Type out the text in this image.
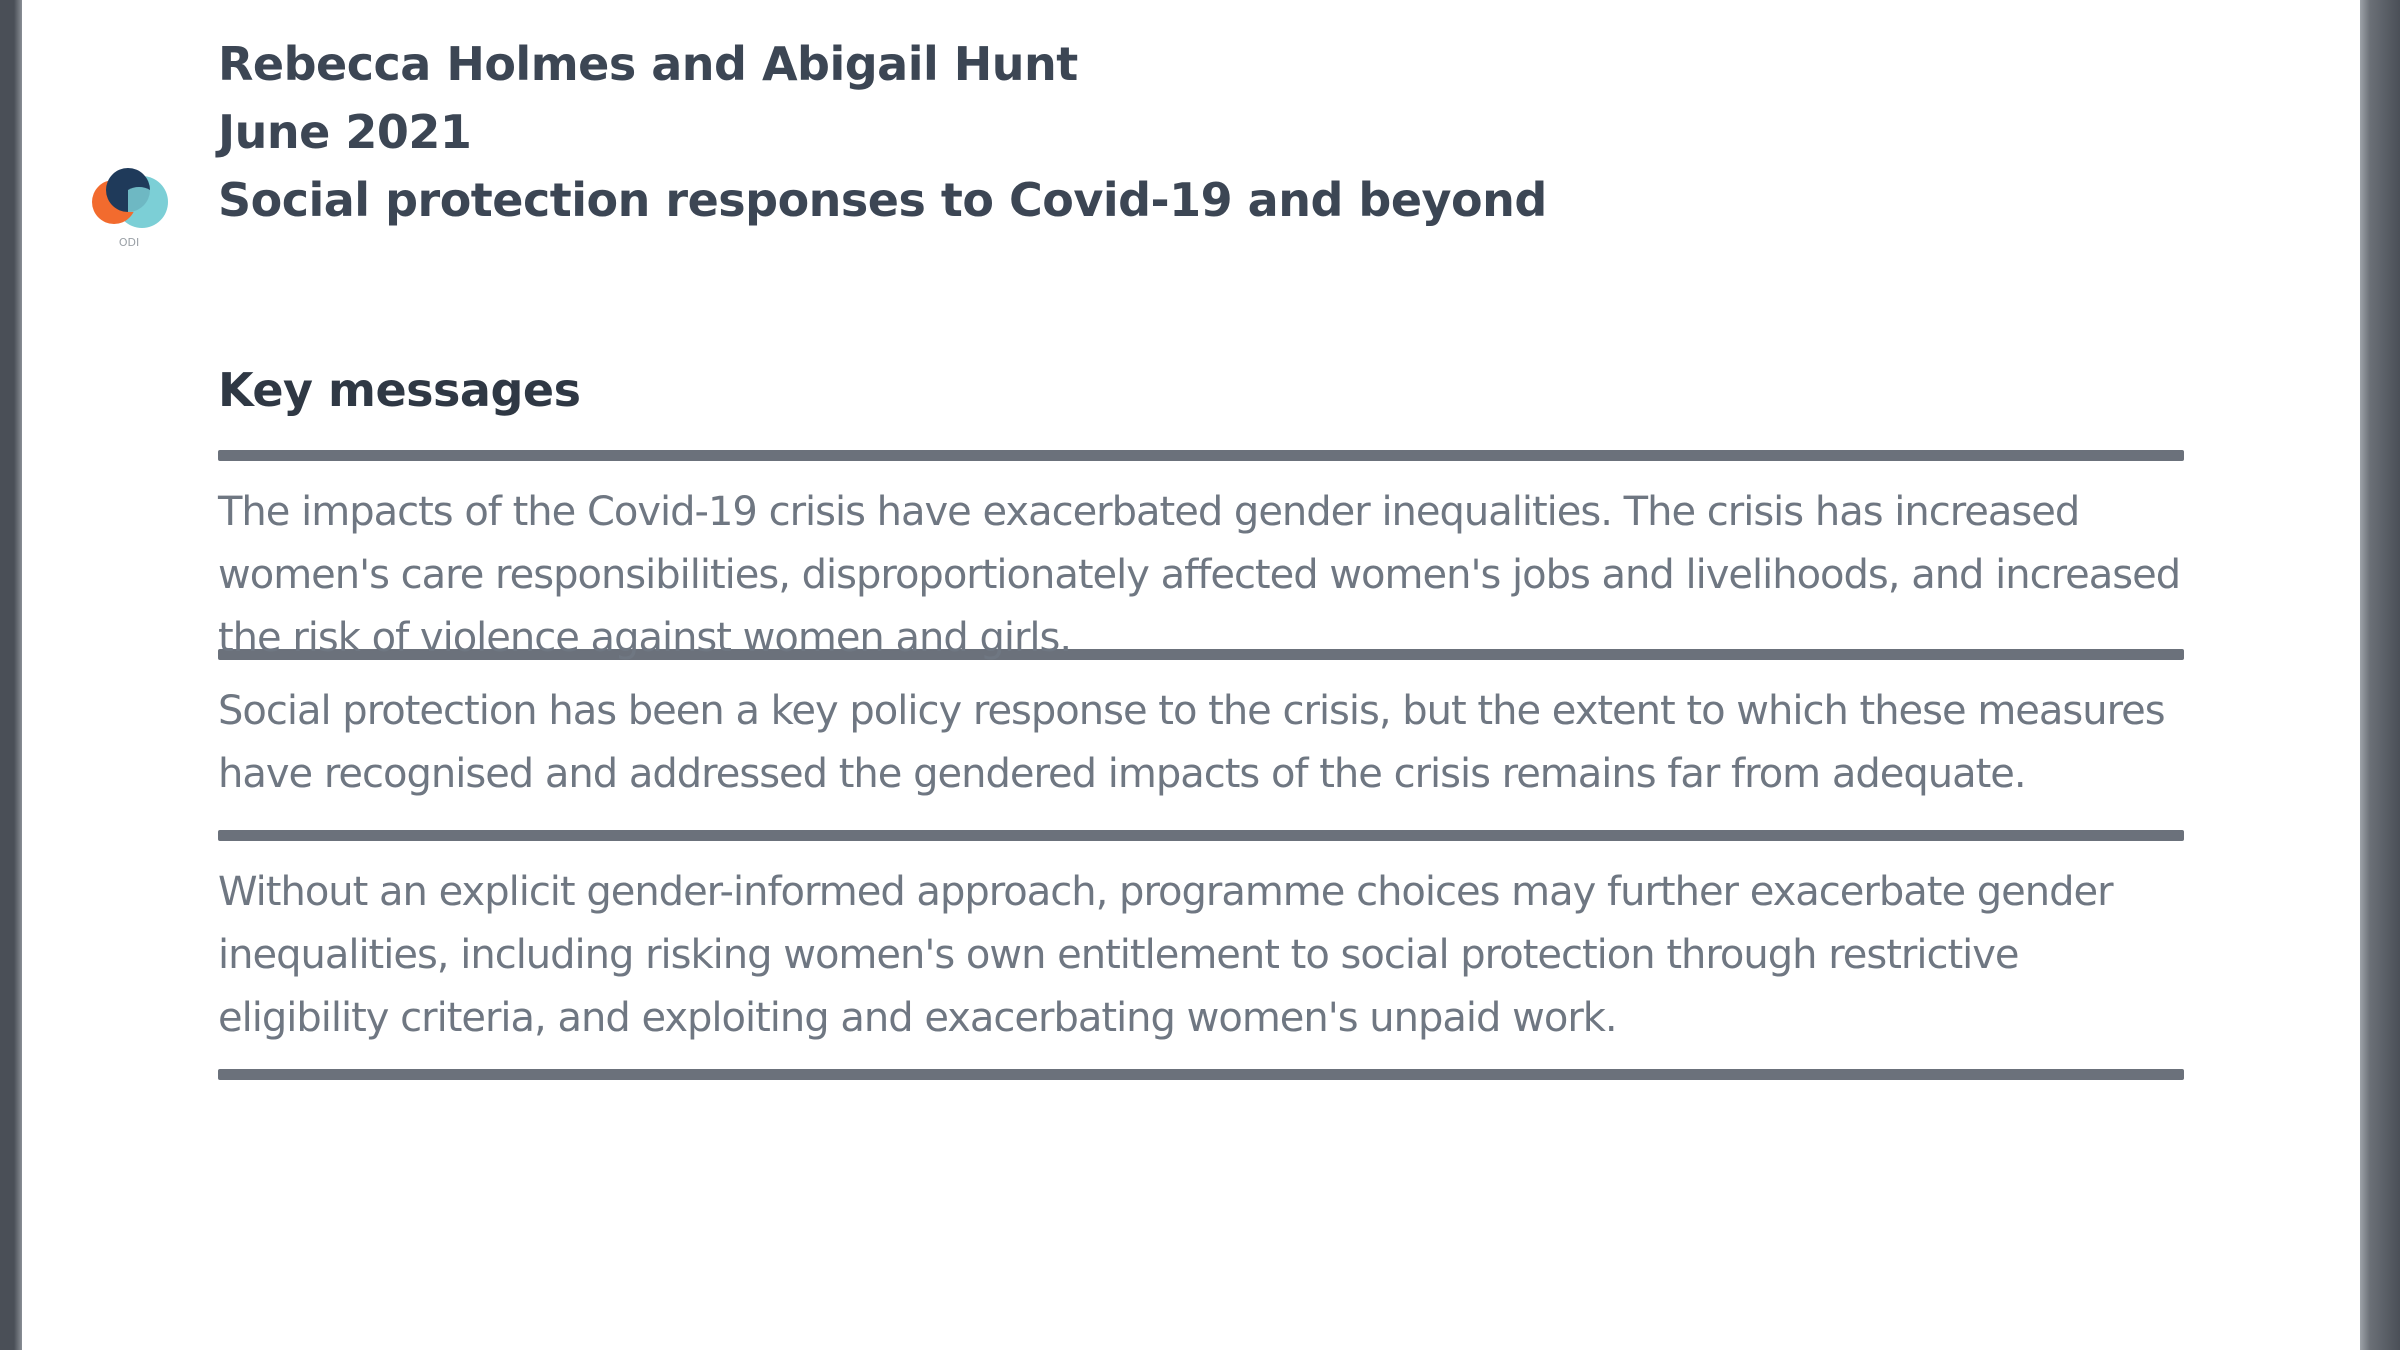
ODI
Rebecca Holmes and Abigail Hunt
June 2021
Social protection responses to Covid-19 and beyond
Key messages
The impacts of the Covid-19 crisis have exacerbated gender inequalities. The crisis has increased women's care responsibilities, disproportionately affected women's jobs and livelihoods, and increased the risk of violence against women and girls.
Social protection has been a key policy response to the crisis, but the extent to which these measures have recognised and addressed the gendered impacts of the crisis remains far from adequate.
Without an explicit gender-informed approach, programme choices may further exacerbate gender inequalities, including risking women's own entitlement to social protection through restrictive eligibility criteria, and exploiting and exacerbating women's unpaid work.
